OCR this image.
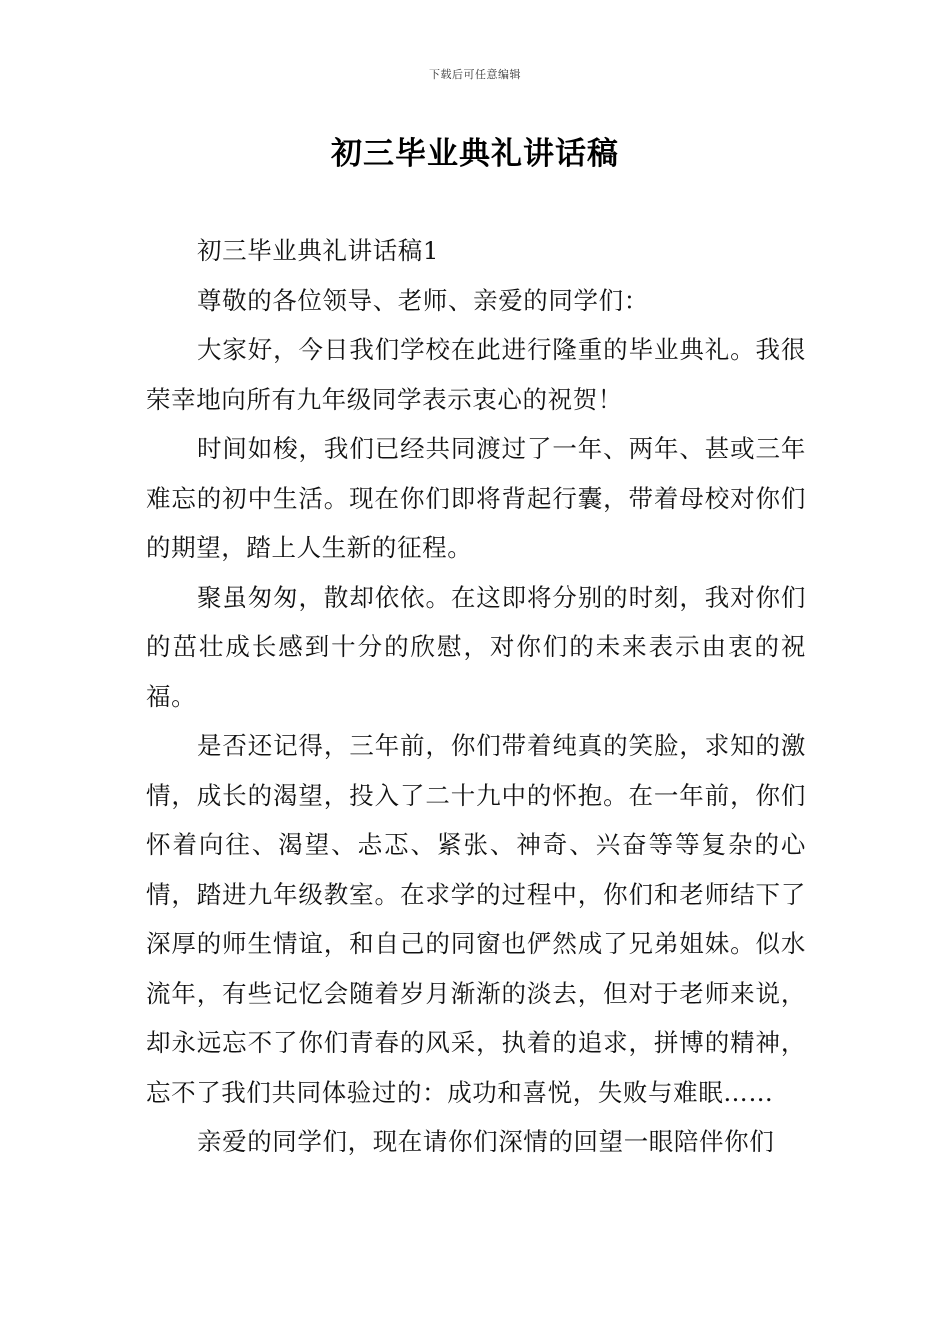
下载后可任意编辑
初三毕业典礼讲话稿

初三毕业典礼讲话稿1

尊敬的各位领导、老师、亲爱的同学们：

大家好，今日我们学校在此进行隆重的毕业典礼。我很荣幸地向所有九年级同学表示衷心的祝贺！

时间如梭，我们已经共同渡过了一年、两年、甚或三年难忘的初中生活。现在你们即将背起行囊，带着母校对你们的期望，踏上人生新的征程。

聚虽匆匆，散却依依。在这即将分别的时刻，我对你们的茁壮成长感到十分的欣慰，对你们的未来表示由衷的祝福。

是否还记得，三年前，你们带着纯真的笑脸，求知的激情，成长的渴望，投入了二十九中的怀抱。在一年前，你们怀着向往、渴望、忐忑、紧张、神奇、兴奋等等复杂的心情，踏进九年级教室。在求学的过程中，你们和老师结下了深厚的师生情谊，和自己的同窗也俨然成了兄弟姐妹。似水流年，有些记忆会随着岁月渐渐的淡去，但对于老师来说，却永远忘不了你们青春的风采，执着的追求，拼博的精神，忘不了我们共同体验过的：成功和喜悦，失败与难眠……

亲爱的同学们，现在请你们深情的回望一眼陪伴你们
